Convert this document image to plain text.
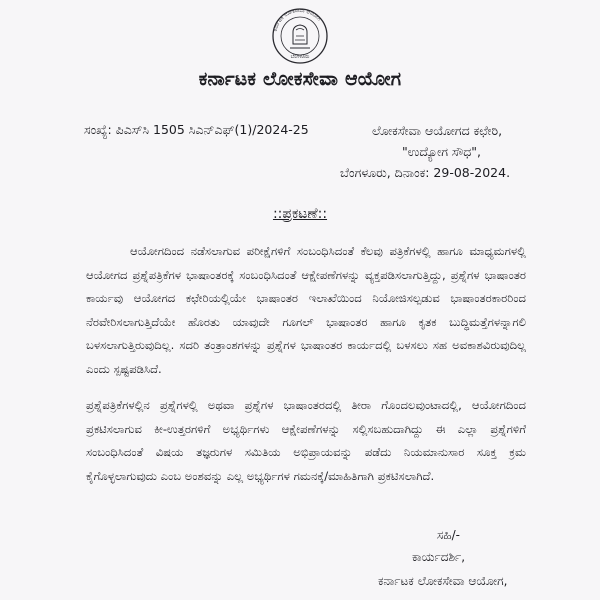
ಕರ್ನಾಟಕ ಲೋಕಸೇವಾ ಆಯೋಗ
ಬೆಂಗಳೂರು
ಕರ್ನಾಟಕ ಲೋಕಸೇವಾ ಆಯೋಗ
ಸಂಖ್ಯೆ: ಪಿಎಸ್‌ಸಿ 1505 ಸಿಎನ್‌ಎಫ್(1)/2024-25	ಲೋಕಸೇವಾ ಆಯೋಗದ ಕಛೇರಿ,
"ಉದ್ಯೋಗ ಸೌಧ",
ಬೆಂಗಳೂರು, ದಿನಾಂಕ: 29-08-2024.
::ಪ್ರಕಟಣೆ::

ಆಯೋಗದಿಂದ ನಡೆಸಲಾಗುವ ಪರೀಕ್ಷೆಗಳಿಗೆ ಸಂಬಂಧಿಸಿದಂತೆ ಕೆಲವು ಪತ್ರಿಕೆಗಳಲ್ಲಿ ಹಾಗೂ ಮಾಧ್ಯಮಗಳಲ್ಲಿ ಆಯೋಗದ ಪ್ರಶ್ನೆಪತ್ರಿಕೆಗಳ ಭಾಷಾಂತರಕ್ಕೆ ಸಂಬಂಧಿಸಿದಂತೆ ಆಕ್ಷೇಪಣೆಗಳನ್ನು ವ್ಯಕ್ತಪಡಿಸಲಾಗುತ್ತಿದ್ದು, ಪ್ರಶ್ನೆಗಳ ಭಾಷಾಂತರ ಕಾರ್ಯವು ಆಯೋಗದ ಕಛೇರಿಯಲ್ಲಿಯೇ ಭಾಷಾಂತರ ಇಲಾಖೆಯಿಂದ ನಿಯೋಜಿಸಲ್ಪಡುವ ಭಾಷಾಂತರಕಾರರಿಂದ ನೆರವೇರಿಸಲಾಗುತ್ತಿದೆಯೇ ಹೊರತು ಯಾವುದೇ ಗೂಗಲ್ ಭಾಷಾಂತರ ಹಾಗೂ ಕೃತಕ ಬುದ್ಧಿಮತ್ತೆಗಳನ್ನಾಗಲಿ ಬಳಸಲಾಗುತ್ತಿರುವುದಿಲ್ಲ. ಸದರಿ ತಂತ್ರಾಂಶಗಳನ್ನು ಪ್ರಶ್ನೆಗಳ ಭಾಷಾಂತರ ಕಾರ್ಯದಲ್ಲಿ ಬಳಸಲು ಸಹ ಅವಕಾಶವಿರುವುದಿಲ್ಲ ಎಂದು ಸ್ಪಷ್ಟಪಡಿಸಿದೆ.

ಪ್ರಶ್ನೆಪತ್ರಿಕೆಗಳಲ್ಲಿನ ಪ್ರಶ್ನೆಗಳಲ್ಲಿ ಅಥವಾ ಪ್ರಶ್ನೆಗಳ ಭಾಷಾಂತರದಲ್ಲಿ ತೀರಾ ಗೊಂದಲವುಂಟಾದಲ್ಲಿ, ಆಯೋಗದಿಂದ ಪ್ರಕಟಿಸಲಾಗುವ ಕೀ-ಉತ್ತರಗಳಿಗೆ ಅಭ್ಯರ್ಥಿಗಳು ಆಕ್ಷೇಪಣೆಗಳನ್ನು ಸಲ್ಲಿಸಬಹುದಾಗಿದ್ದು ಈ ಎಲ್ಲಾ ಪ್ರಶ್ನೆಗಳಿಗೆ ಸಂಬಂಧಿಸಿದಂತೆ ವಿಷಯ ತಜ್ಞರುಗಳ ಸಮಿತಿಯ ಅಭಿಪ್ರಾಯವನ್ನು ಪಡೆದು ನಿಯಮಾನುಸಾರ ಸೂಕ್ತ ಕ್ರಮ ಕೈಗೊಳ್ಳಲಾಗುವುದು ಎಂಬ ಅಂಶವನ್ನು ಎಲ್ಲ ಅಭ್ಯರ್ಥಿಗಳ ಗಮನಕ್ಕೆ/ಮಾಹಿತಿಗಾಗಿ ಪ್ರಕಟಿಸಲಾಗಿದೆ.

ಸಹಿ/-
ಕಾರ್ಯದರ್ಶಿ,
ಕರ್ನಾಟಕ ಲೋಕಸೇವಾ ಆಯೋಗ,
